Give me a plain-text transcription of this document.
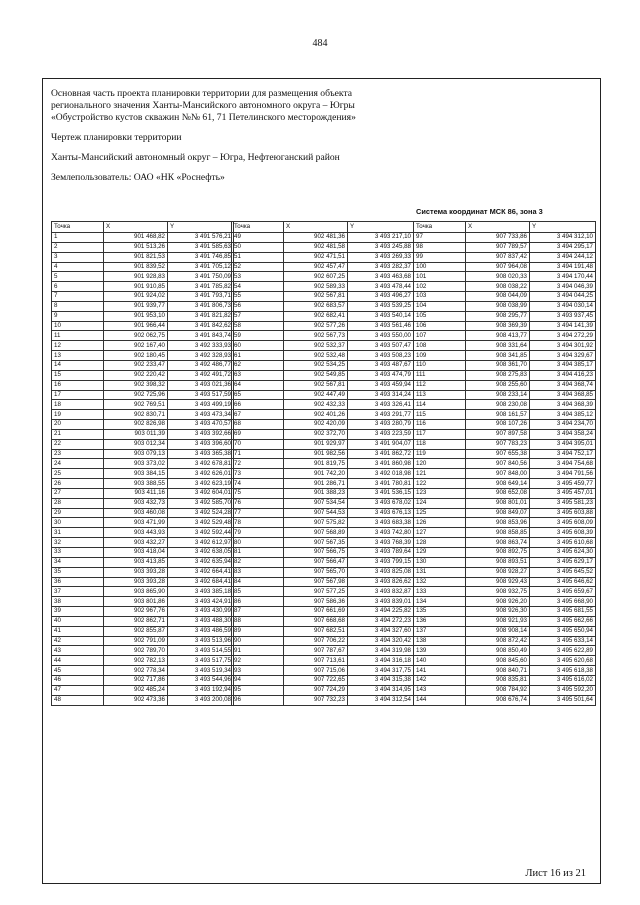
484
Основная часть проекта планировки территории для размещения объекта
регионального значения Ханты-Мансийского автономного округа – Югры
«Обустройство кустов скважин №№ 61, 71 Петелинского месторождения»
Чертеж планировки территории
Ханты-Мансийский автономный округ – Югра, Нефтеюганский район
Землепользователь: ОАО «НК «Роснефть»
Система координат МСК 86, зона 3
Точка	X	Y
1	901 468,82	3 491 576,21
2	901 513,26	3 491 585,63
3	901 821,53	3 491 746,85
4	901 839,52	3 491 705,12
5	901 928,83	3 491 750,09
6	901 910,85	3 491 785,82
7	901 924,02	3 491 793,71
8	901 939,77	3 491 806,73
9	901 953,10	3 491 821,82
10	901 966,44	3 491 842,62
11	902 062,75	3 491 843,74
12	902 167,40	3 492 333,93
13	902 180,45	3 492 328,93
14	902 233,47	3 492 486,77
15	902 220,42	3 492 491,72
16	902 398,32	3 493 021,36
17	902 725,96	3 493 517,59
18	902 769,51	3 493 499,19
19	902 830,71	3 493 473,34
20	902 826,98	3 493 470,57
21	903 011,39	3 493 392,66
22	903 012,34	3 493 396,60
23	903 079,13	3 493 365,38
24	903 373,02	3 492 678,81
25	903 384,15	3 492 626,01
26	903 388,55	3 492 623,19
27	903 411,16	3 492 604,01
28	903 432,73	3 492 585,70
29	903 460,08	3 492 524,28
30	903 471,99	3 492 529,48
31	903 443,93	3 492 592,44
32	903 432,27	3 492 612,97
33	903 418,04	3 492 638,05
34	903 413,85	3 492 635,94
35	903 393,28	3 492 664,41
36	903 393,28	3 492 684,41
37	903 865,90	3 493 385,18
38	903 801,86	3 493 424,91
39	902 967,76	3 493 430,99
40	902 862,71	3 493 488,30
41	902 855,87	3 493 486,59
42	902 791,09	3 493 513,96
43	902 789,70	3 493 514,55
44	902 782,13	3 493 517,75
45	902 778,34	3 493 519,34
46	902 717,86	3 493 544,96
47	902 485,24	3 493 192,94
48	902 473,36	3 493 200,08
Точка	X	Y
49	902 481,36	3 493 217,10
50	902 481,58	3 493 245,88
51	902 471,51	3 493 269,33
52	902 457,47	3 493 282,37
53	902 607,25	3 493 463,68
54	902 589,33	3 493 478,44
55	902 567,81	3 493 496,27
56	902 683,57	3 493 539,25
57	902 682,41	3 493 540,14
58	902 577,26	3 493 561,46
59	902 567,73	3 493 550,00
60	902 532,37	3 493 507,47
61	902 532,48	3 493 508,23
62	902 534,25	3 493 487,67
63	902 549,85	3 493 474,79
64	902 567,81	3 493 459,94
65	902 447,49	3 493 314,24
66	902 432,33	3 493 326,41
67	902 401,26	3 493 291,77
68	902 420,09	3 493 280,79
69	902 372,70	3 493 223,59
70	901 929,97	3 491 904,07
71	901 982,56	3 491 862,72
72	901 819,75	3 491 860,98
73	901 742,20	3 492 018,98
74	901 286,71	3 491 780,81
75	901 388,23	3 491 536,15
76	907 534,54	3 493 678,02
77	907 544,53	3 493 676,13
78	907 575,82	3 493 683,38
79	907 568,89	3 493 742,80
80	907 567,35	3 493 768,39
81	907 566,75	3 493 789,64
82	907 566,47	3 493 799,15
83	907 565,70	3 493 825,08
84	907 567,98	3 493 826,62
85	907 577,25	3 493 832,87
86	907 586,36	3 493 839,01
87	907 661,69	3 494 225,82
88	907 668,68	3 494 272,23
89	907 682,51	3 494 327,60
90	907 706,22	3 494 320,42
91	907 787,67	3 494 319,98
92	907 713,61	3 494 316,18
93	907 715,06	3 494 317,75
94	907 722,65	3 494 315,38
95	907 724,29	3 494 314,95
96	907 732,23	3 494 312,54
Точка	X	Y
97	907 733,86	3 494 312,10
98	907 789,57	3 494 295,17
99	907 837,42	3 494 244,12
100	907 964,08	3 494 191,48
101	908 020,33	3 494 170,44
102	908 038,22	3 494 046,39
103	908 044,09	3 494 044,25
104	908 038,99	3 494 030,14
105	908 295,77	3 493 937,45
106	908 369,39	3 494 141,39
107	908 413,77	3 494 272,29
108	908 331,64	3 494 301,92
109	908 341,85	3 494 329,67
110	908 361,70	3 494 385,17
111	908 275,83	3 494 416,23
112	908 255,60	3 494 368,74
113	908 233,14	3 494 368,85
114	908 230,08	3 494 368,39
115	908 161,57	3 494 385,12
116	908 107,26	3 494 234,70
117	907 897,58	3 494 358,24
118	907 783,23	3 494 395,01
119	907 655,38	3 494 752,17
120	907 840,56	3 494 754,68
121	907 848,00	3 494 791,56
122	908 649,14	3 495 459,77
123	908 652,08	3 495 457,01
124	908 801,01	3 495 581,23
125	908 849,07	3 495 603,88
126	908 853,96	3 495 608,09
127	908 858,85	3 495 608,39
128	908 863,74	3 495 610,68
129	908 892,75	3 495 624,30
130	908 893,51	3 495 629,17
131	908 928,27	3 495 645,52
132	908 929,43	3 495 646,62
133	908 932,75	3 495 659,67
134	908 926,20	3 495 668,90
135	908 926,30	3 495 681,55
136	908 921,93	3 495 662,66
137	908 908,14	3 495 650,94
138	908 872,42	3 495 633,14
139	908 850,49	3 495 622,89
140	908 845,60	3 495 620,68
141	908 840,71	3 495 618,38
142	908 835,81	3 495 616,02
143	908 784,92	3 495 592,20
144	908 676,74	3 495 501,64
Лист 16 из 21
